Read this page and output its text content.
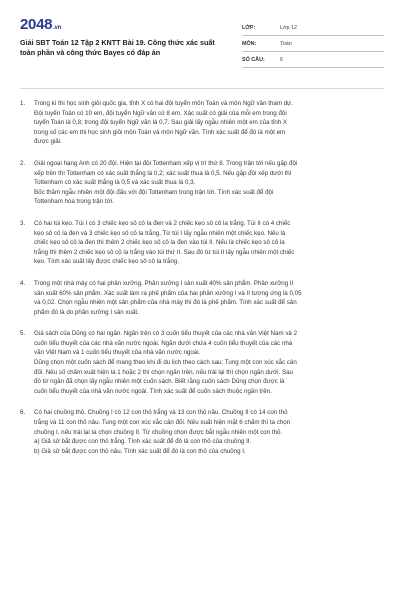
2048.vn
Giải SBT Toán 12 Tập 2 KNTT Bài 19. Công thức xác suất
toàn phần và công thức Bayes có đáp án
LỚP:	Lớp 12
MÔN:	Toán
SỐ CÂU:	6
1.	Trong kì thi học sinh giỏi quốc gia, tỉnh X có hai đội tuyển môn Toán và môn Ngữ văn tham dự.
Đội tuyển Toán có 10 em, đội tuyển Ngữ văn có 8 em. Xác suất có giải của mỗi em trong đội
tuyển Toán là 0,8; trong đội tuyển Ngữ văn là 0,7. Sau giải lấy ngẫu nhiên một em của tỉnh X
trong số các em thi học sinh giỏi môn Toán và môn Ngữ văn. Tính xác suất để đó là một em
được giải.
2.	Giải ngoại hạng Anh có 20 đội. Hiện tại đội Tottenham xếp vị trí thứ 8. Trong trận tới nếu gặp đội
xếp trên thì Tottenham có xác suất thắng là 0,2; xác suất thua là 0,5. Nếu gặp đội xếp dưới thì
Tottenham có xác suất thắng là 0,5 và xác suất thua là 0,3.
Bốc thăm ngẫu nhiên một đội đấu với đội Tottenham trong trận tới. Tính xác suất để đội
Tottenham hòa trong trận tới.
3.	Có hai túi kẹo. Túi I có 3 chiếc kẹo sô cô la đen và 2 chiếc kẹo sô cô la trắng. Túi II có 4 chiếc
kẹo sô cô la đen và 3 chiếc kẹo sô cô la trắng. Từ túi I lấy ngẫu nhiên một chiếc kẹo. Nếu là
chiếc kẹo sô cô la đen thì thêm 2 chiếc kẹo sô cô la đen vào túi II. Nếu là chiếc kẹo sô cô la
trắng thì thêm 2 chiếc kẹo sô cô la trắng vào túi thứ II. Sau đó từ túi II lấy ngẫu nhiên một chiếc
kẹo. Tính xác suất lấy được chiếc kẹo sô cô la trắng.
4.	Trong một nhà máy có hai phân xưởng. Phân xưởng I sản xuất 40% sản phẩm. Phân xưởng II
sản xuất 60% sản phẩm. Xác suất làm ra phế phẩm của hai phân xưởng I và II tương ứng là 0,05
và 0,02. Chọn ngẫu nhiên một sản phẩm của nhà máy thì đó là phế phẩm. Tính xác suất để sản
phẩm đó là do phân xưởng I sản xuất.
5.	Giá sách của Dũng có hai ngăn. Ngăn trên có 3 cuốn tiểu thuyết của các nhà văn Việt Nam và 2
cuốn tiểu thuyết của các nhà văn nước ngoài. Ngăn dưới chứa 4 cuốn tiểu thuyết của các nhà
văn Việt Nam và 1 cuốn tiểu thuyết của nhà văn nước ngoài.
Dũng chọn một cuốn sách để mang theo khi đi du lịch theo cách sau: Tung một con xúc xắc cân
đối. Nếu số chấm xuất hiện là 1 hoặc 2 thì chọn ngăn trên, nếu trái lại thì chọn ngăn dưới. Sau
đó từ ngăn đã chọn lấy ngẫu nhiên một cuốn sách. Biết rằng cuốn sách Dũng chọn được là
cuốn tiểu thuyết của nhà văn nước ngoài. Tính xác suất để cuốn sách thuộc ngăn trên.
6.	Có hai chuồng thỏ. Chuồng I có 12 con thỏ trắng và 13 con thỏ nâu. Chuồng II có 14 con thỏ
trắng và 11 con thỏ nâu. Tung một con xúc xắc cân đối. Nếu xuất hiện mặt 6 chấm thì ta chọn
chuồng I, nếu trái lại ta chọn chuồng II. Từ chuồng chọn được bắt ngẫu nhiên một con thỏ.
a) Giả sử bắt được con thỏ trắng. Tính xác suất để đó là con thỏ của chuồng II.
b) Giả sử bắt được con thỏ nâu. Tính xác suất để đó là con thỏ của chuồng I.
